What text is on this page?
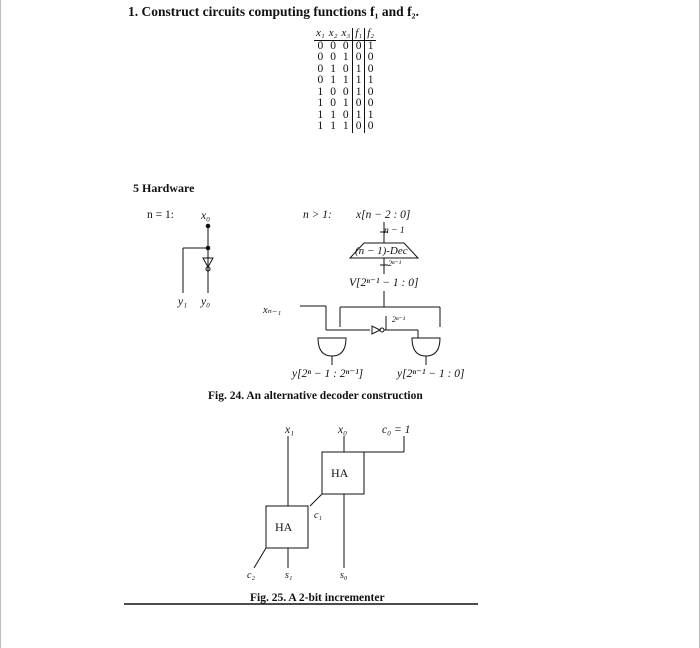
1. Construct circuits computing functions f₁ and f₂.
x₁	x₂	x₃	f₁	f₂
0	0	0	0	1
0	0	1	0	0
0	1	0	1	0
0	1	1	1	1
1	0	0	1	0
1	0	1	0	0
1	1	0	1	1
1	1	1	0	0
5 Hardware
n = 1: x₀
y₁ y₀
n > 1: x[n − 2 : 0]
n − 1
2ⁿ⁻¹
V[2ⁿ⁻¹ − 1 : 0]
xₙ₋₁
2ⁿ⁻¹
y[2ⁿ − 1 : 2ⁿ⁻¹]	y[2ⁿ⁻¹ − 1 : 0]
Fig. 24. An alternative decoder construction
x₁	x₀	c₀ = 1
c₁
c₂	s₁	s₀
Fig. 25. A 2-bit incrementer
(n − 1)-Dec
HA
HA
